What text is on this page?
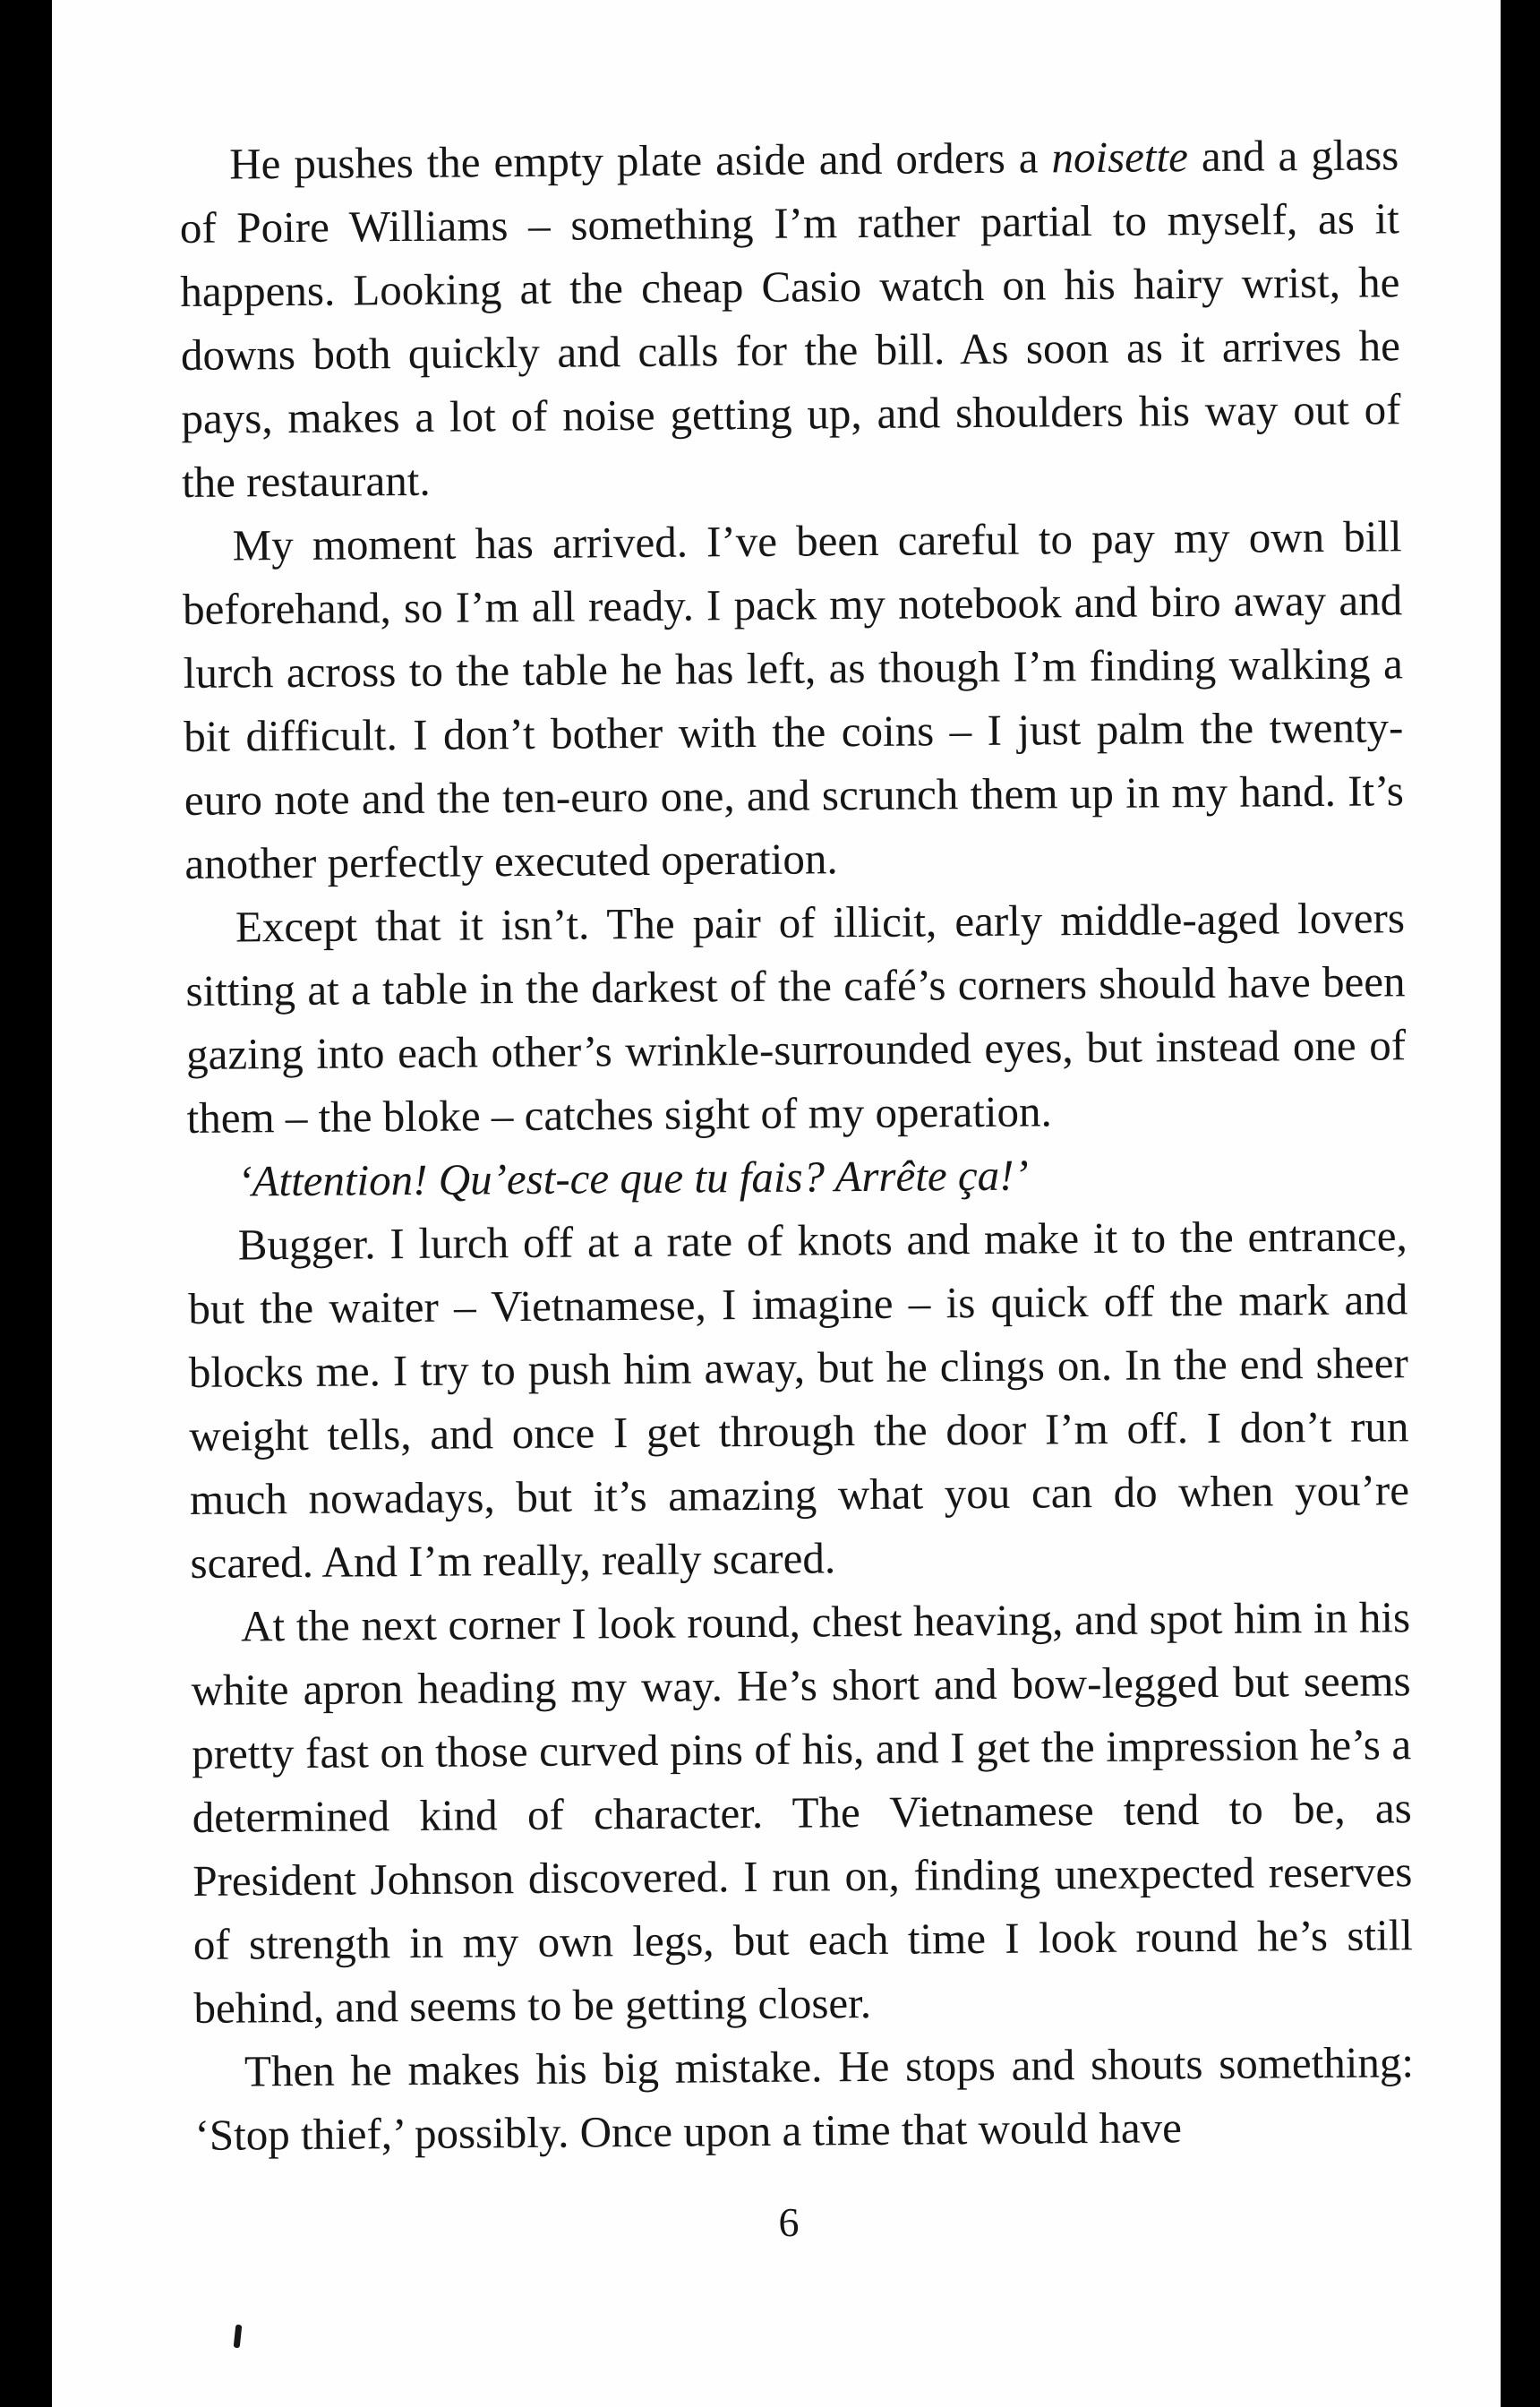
He pushes the empty plate aside and orders a noisette and a glass of Poire Williams – something I’m rather partial to myself, as it happens. Looking at the cheap Casio watch on his hairy wrist, he downs both quickly and calls for the bill. As soon as it arrives he pays, makes a lot of noise getting up, and shoulders his way out of the restaurant.

My moment has arrived. I’ve been careful to pay my own bill beforehand, so I’m all ready. I pack my notebook and biro away and lurch across to the table he has left, as though I’m finding walking a bit difficult. I don’t bother with the coins – I just palm the twenty-euro note and the ten-euro one, and scrunch them up in my hand. It’s another perfectly executed operation.

Except that it isn’t. The pair of illicit, early middle-aged lovers sitting at a table in the darkest of the café’s corners should have been gazing into each other’s wrinkle-surrounded eyes, but instead one of them – the bloke – catches sight of my operation.

‘Attention! Qu’est-ce que tu fais? Arrête ça!’

Bugger. I lurch off at a rate of knots and make it to the entrance, but the waiter – Vietnamese, I imagine – is quick off the mark and blocks me. I try to push him away, but he clings on. In the end sheer weight tells, and once I get through the door I’m off. I don’t run much nowadays, but it’s amazing what you can do when you’re scared. And I’m really, really scared.

At the next corner I look round, chest heaving, and spot him in his white apron heading my way. He’s short and bow-legged but seems pretty fast on those curved pins of his, and I get the impression he’s a determined kind of character. The Vietnamese tend to be, as President Johnson discovered. I run on, finding unexpected reserves of strength in my own legs, but each time I look round he’s still behind, and seems to be getting closer.

Then he makes his big mistake. He stops and shouts something: ‘Stop thief,’ possibly. Once upon a time that would have

6
